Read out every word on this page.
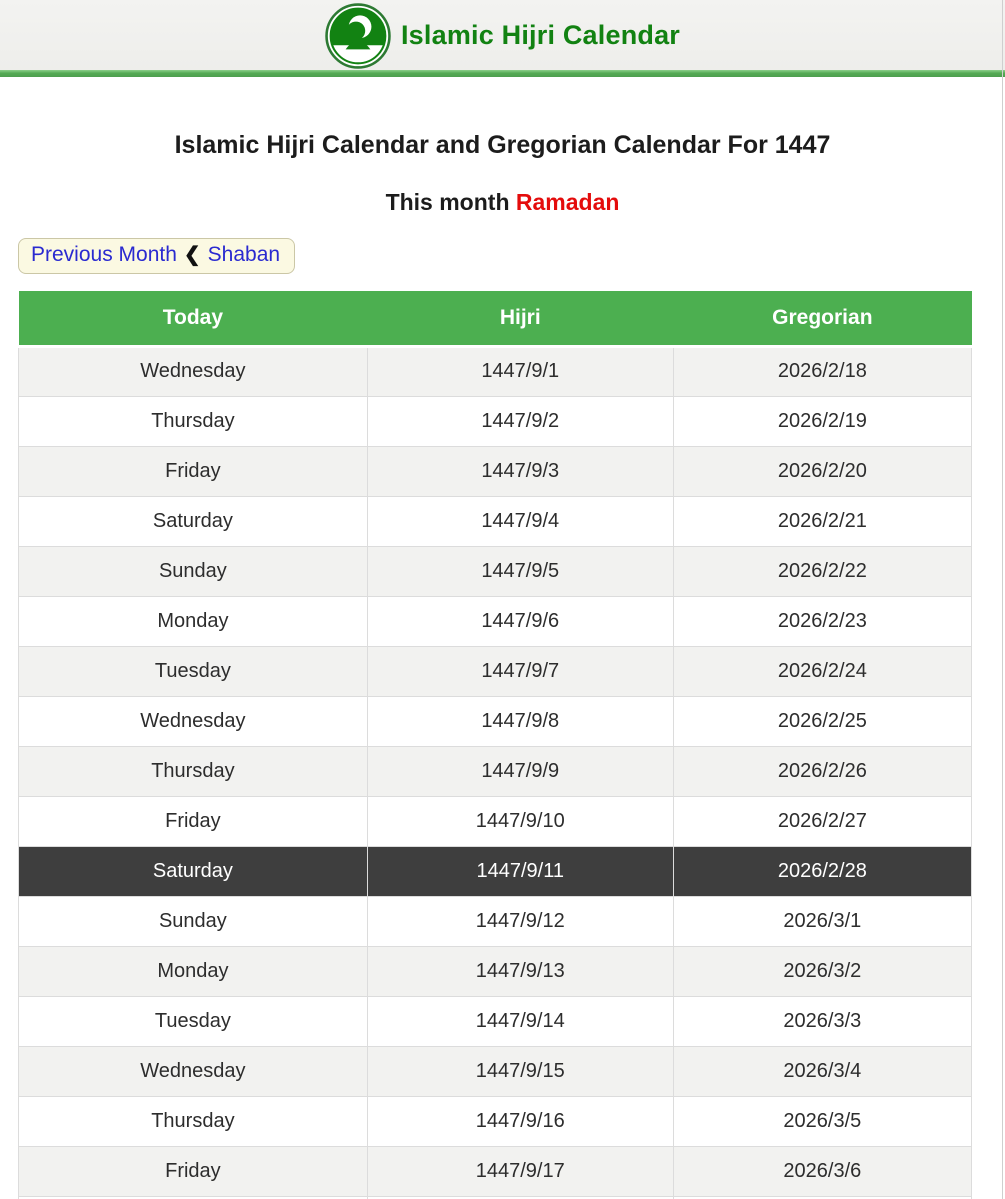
Islamic Hijri Calendar
Islamic Hijri Calendar and Gregorian Calendar For 1447
This month Ramadan
Previous Month ❮ Shaban
Today	Hijri	Gregorian
Wednesday	1447/9/1	2026/2/18
Thursday	1447/9/2	2026/2/19
Friday	1447/9/3	2026/2/20
Saturday	1447/9/4	2026/2/21
Sunday	1447/9/5	2026/2/22
Monday	1447/9/6	2026/2/23
Tuesday	1447/9/7	2026/2/24
Wednesday	1447/9/8	2026/2/25
Thursday	1447/9/9	2026/2/26
Friday	1447/9/10	2026/2/27
Saturday	1447/9/11	2026/2/28
Sunday	1447/9/12	2026/3/1
Monday	1447/9/13	2026/3/2
Tuesday	1447/9/14	2026/3/3
Wednesday	1447/9/15	2026/3/4
Thursday	1447/9/16	2026/3/5
Friday	1447/9/17	2026/3/6
